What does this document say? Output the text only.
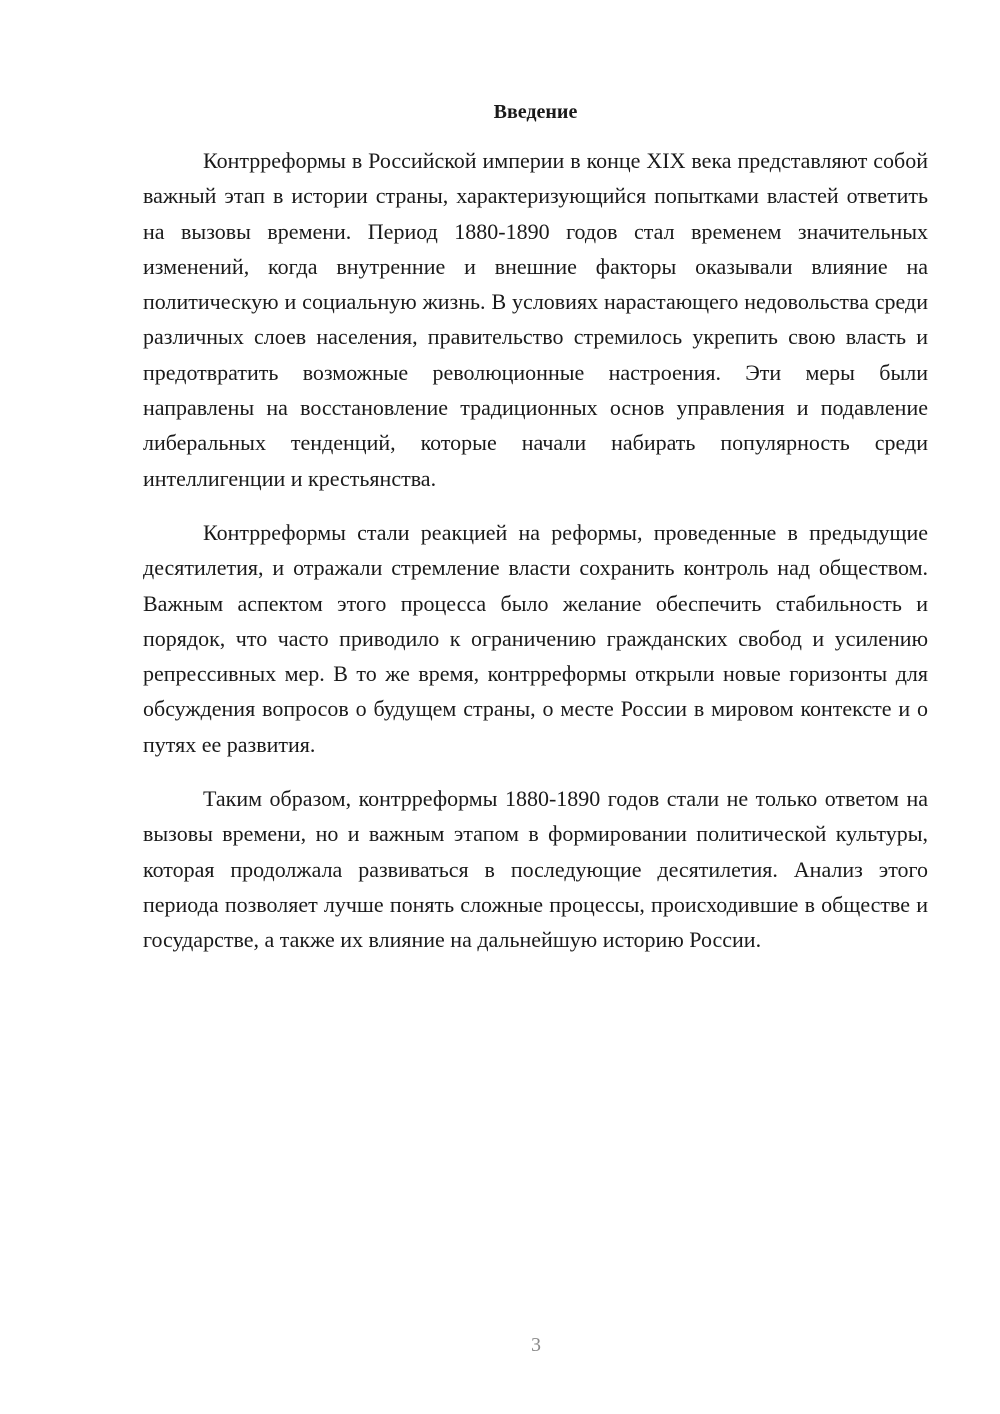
Введение

Контрреформы в Российской империи в конце XIX века представляют собой важный этап в истории страны, характеризующийся попытками властей ответить на вызовы времени. Период 1880-1890 годов стал временем значительных изменений, когда внутренние и внешние факторы оказывали влияние на политическую и социальную жизнь. В условиях нарастающего недовольства среди различных слоев населения, правительство стремилось укрепить свою власть и предотвратить возможные революционные настроения. Эти меры были направлены на восстановление традиционных основ управления и подавление либеральных тенденций, которые начали набирать популярность среди интеллигенции и крестьянства.

Контрреформы стали реакцией на реформы, проведенные в предыдущие десятилетия, и отражали стремление власти сохранить контроль над обществом. Важным аспектом этого процесса было желание обеспечить стабильность и порядок, что часто приводило к ограничению гражданских свобод и усилению репрессивных мер. В то же время, контрреформы открыли новые горизонты для обсуждения вопросов о будущем страны, о месте России в мировом контексте и о путях ее развития.

Таким образом, контрреформы 1880-1890 годов стали не только ответом на вызовы времени, но и важным этапом в формировании политической культуры, которая продолжала развиваться в последующие десятилетия. Анализ этого периода позволяет лучше понять сложные процессы, происходившие в обществе и государстве, а также их влияние на дальнейшую историю России.

3
